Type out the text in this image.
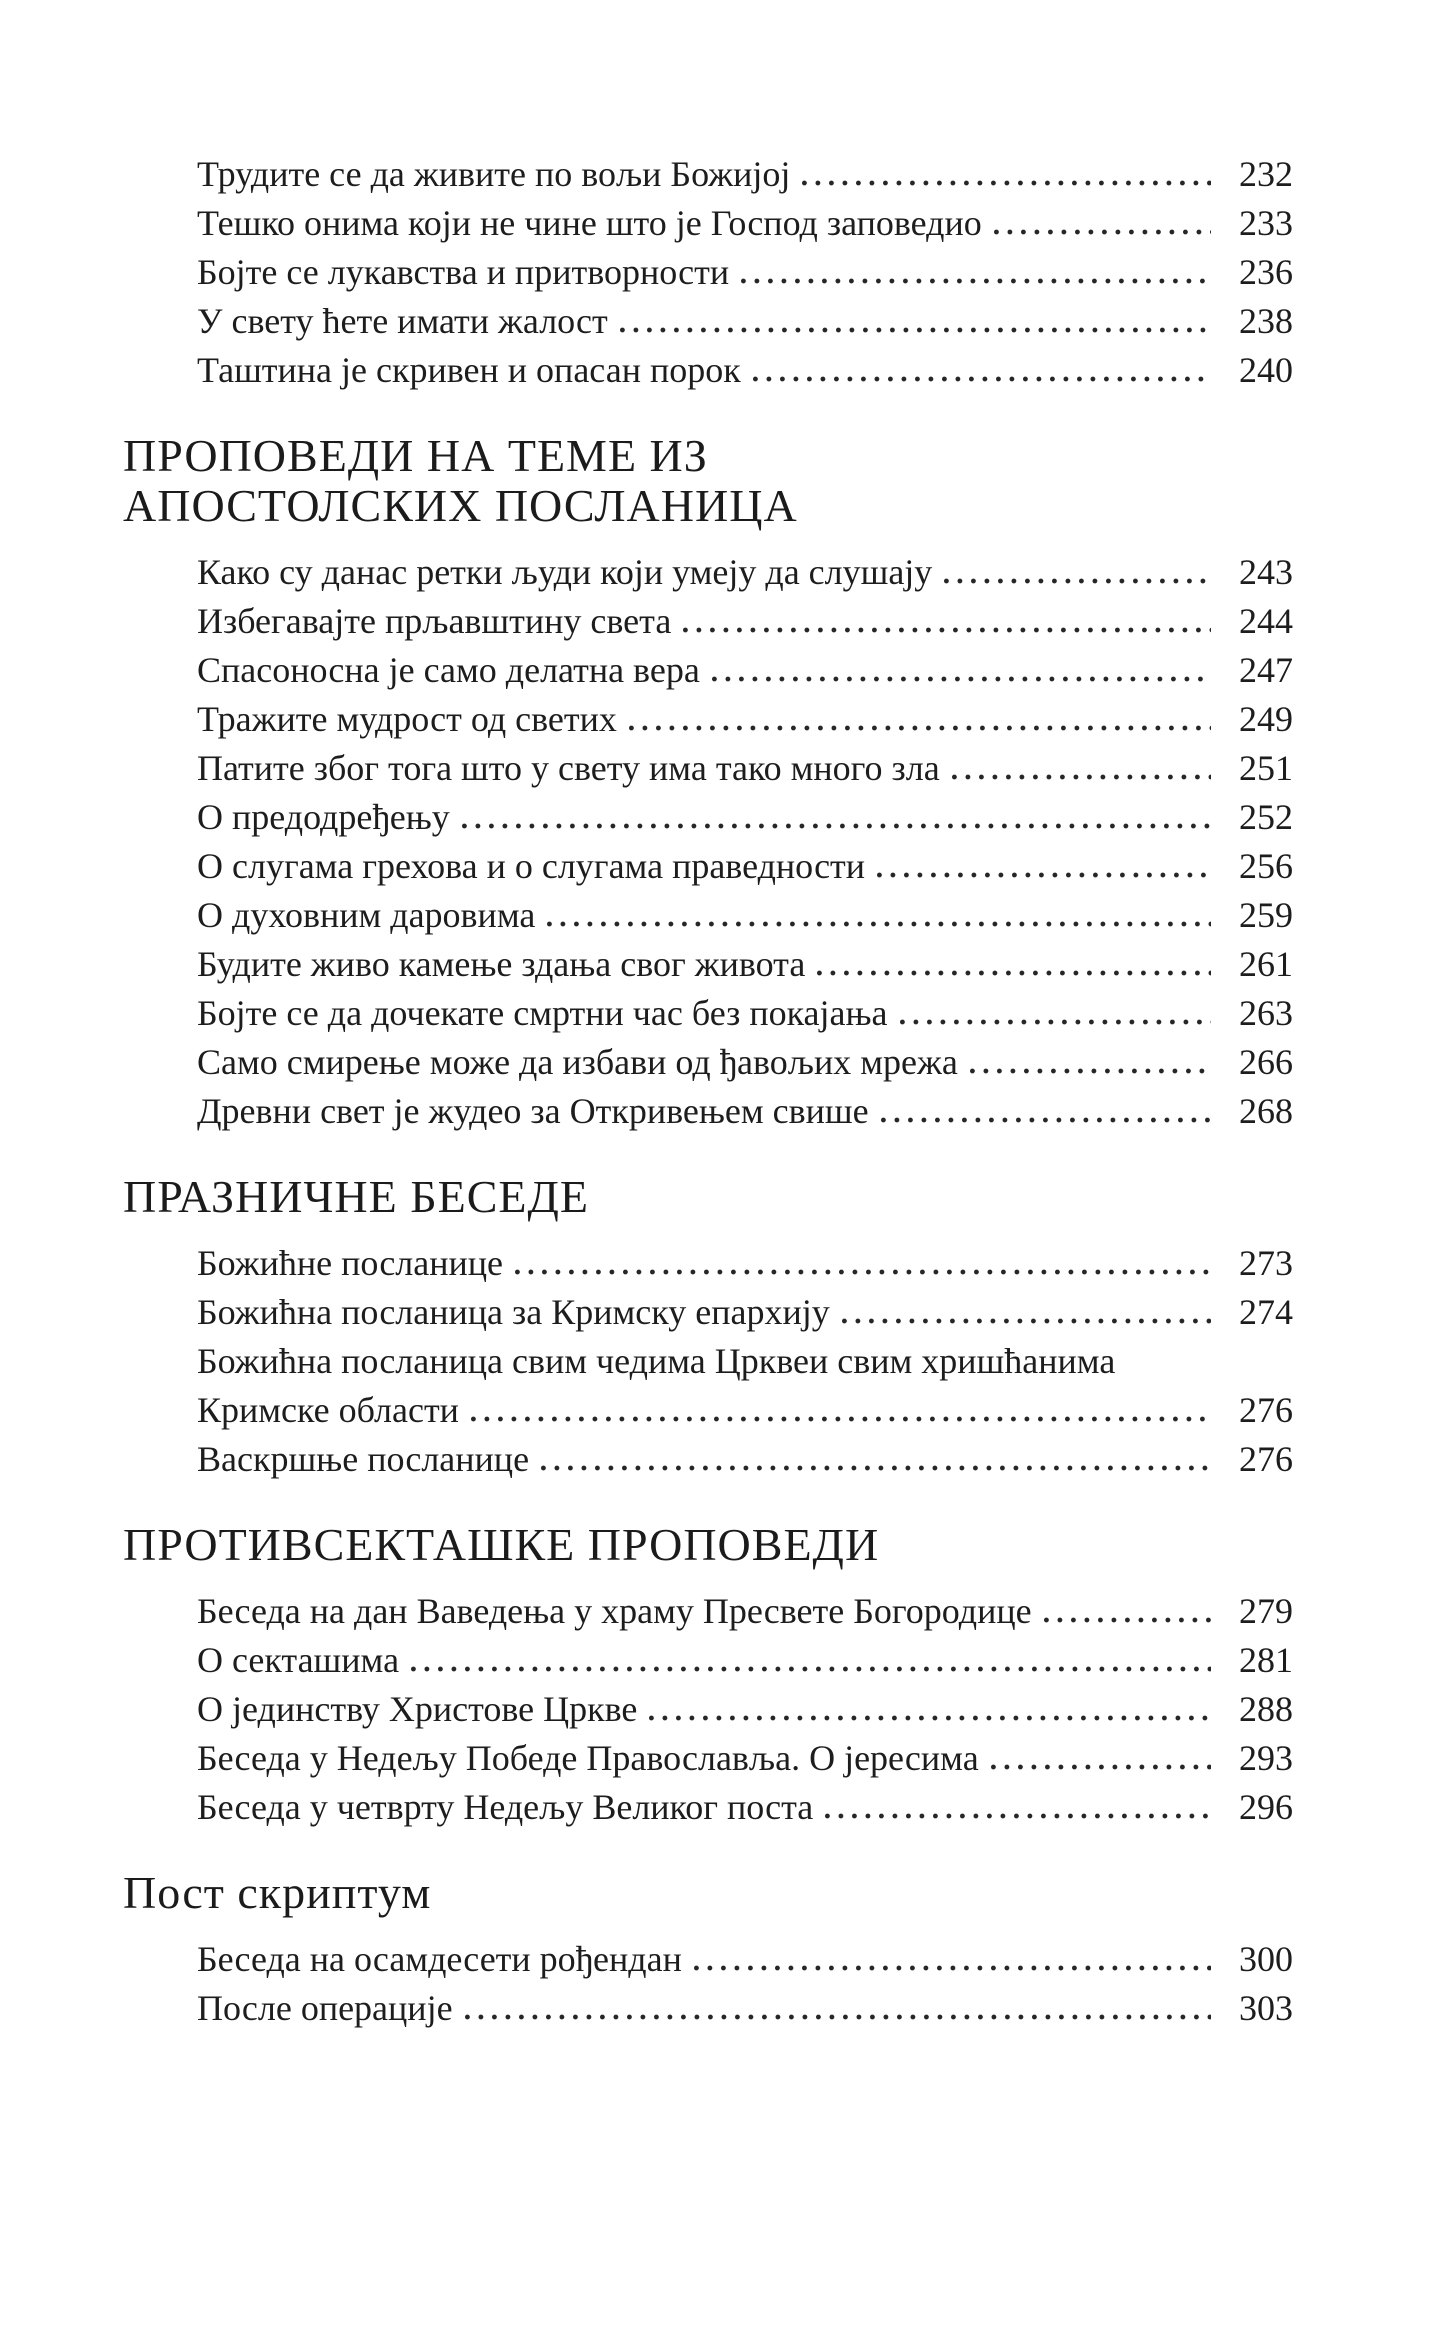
Трудите се да живите по вољи Божијој	232
Тешко онима који не чине што је Господ заповедио	233
Бојте се лукавства и притворности	236
У свету ћете имати жалост	238
Таштина је скривен и опасан порок	240
ПРОПОВЕДИ НА ТЕМЕ ИЗ
АПОСТОЛСКИХ ПОСЛАНИЦА
Како су данас ретки људи који умеју да слушају	243
Избегавајте прљавштину света	244
Спасоносна је само делатна вера	247
Тражите мудрост од светих	249
Патите због тога што у свету има тако много зла	251
О предодређењу	252
О слугама грехова и о слугама праведности	256
О духовним даровима	259
Будите живо камење здања свог живота	261
Бојте се да дочекате смртни час без покајања	263
Само смирење може да избави од ђавољих мрежа	266
Древни свет је жудео за Откривењем свише	268
ПРАЗНИЧНЕ БЕСЕДЕ
Божићне посланице	273
Божићна посланица за Кримску епархију	274
Божићна посланица свим чедима Црквеи свим хришћанима
Кримске области	276
Васкршње посланице	276
ПРОТИВСЕКТАШКЕ ПРОПОВЕДИ
Беседа на дан Ваведења у храму Пресвете Богородице	279
О секташима	281
О јединству Христове Цркве	288
Беседа у Недељу Победе Православља. О јересима	293
Беседа у четврту Недељу Великог поста	296
Пост скриптум
Беседа на осамдесети рођендан	300
После операције	303
